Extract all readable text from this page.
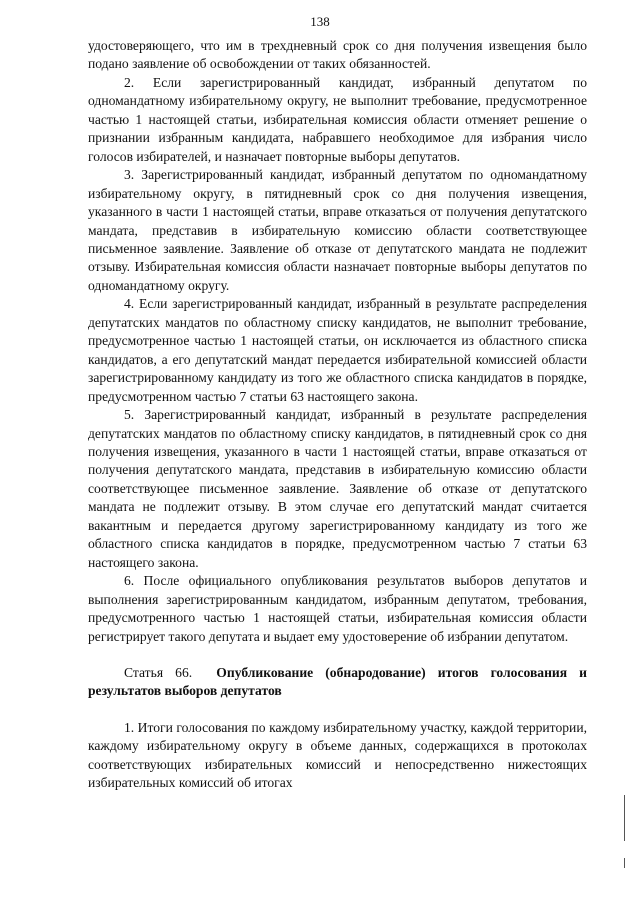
138

удостоверяющего, что им в трехдневный срок со дня получения извещения было подано заявление об освобождении от таких обязанностей.

2. Если зарегистрированный кандидат, избранный депутатом по одномандатному избирательному округу, не выполнит требование, предусмотренное частью 1 настоящей статьи, избирательная комиссия области отменяет решение о признании избранным кандидата, набравшего необходимое для избрания число голосов избирателей, и назначает повторные выборы депутатов.

3. Зарегистрированный кандидат, избранный депутатом по одномандатному избирательному округу, в пятидневный срок со дня получения извещения, указанного в части 1 настоящей статьи, вправе отказаться от получения депутатского мандата, представив в избирательную комиссию области соответствующее письменное заявление. Заявление об отказе от депутатского мандата не подлежит отзыву. Избирательная комиссия области назначает повторные выборы депутатов по одномандатному округу.

4. Если зарегистрированный кандидат, избранный в результате распределения депутатских мандатов по областному списку кандидатов, не выполнит требование, предусмотренное частью 1 настоящей статьи, он исключается из областного списка кандидатов, а его депутатский мандат передается избирательной комиссией области зарегистрированному кандидату из того же областного списка кандидатов в порядке, предусмотренном частью 7 статьи 63 настоящего закона.

5. Зарегистрированный кандидат, избранный в результате распределения депутатских мандатов по областному списку кандидатов, в пятидневный срок со дня получения извещения, указанного в части 1 настоящей статьи, вправе отказаться от получения депутатского мандата, представив в избирательную комиссию области соответствующее письменное заявление. Заявление об отказе от депутатского мандата не подлежит отзыву. В этом случае его депутатский мандат считается вакантным и передается другому зарегистрированному кандидату из того же областного списка кандидатов в порядке, предусмотренном частью 7 статьи 63 настоящего закона.

6. После официального опубликования результатов выборов депутатов и выполнения зарегистрированным кандидатом, избранным депутатом, требования, предусмотренного частью 1 настоящей статьи, избирательная комиссия области регистрирует такого депутата и выдает ему удостоверение об избрании депутатом.

Статья 66. Опубликование (обнародование) итогов голосования и результатов выборов депутатов

1. Итоги голосования по каждому избирательному участку, каждой территории, каждому избирательному округу в объеме данных, содержащихся в протоколах соответствующих избирательных комиссий и непосредственно нижестоящих избирательных комиссий об итогах
